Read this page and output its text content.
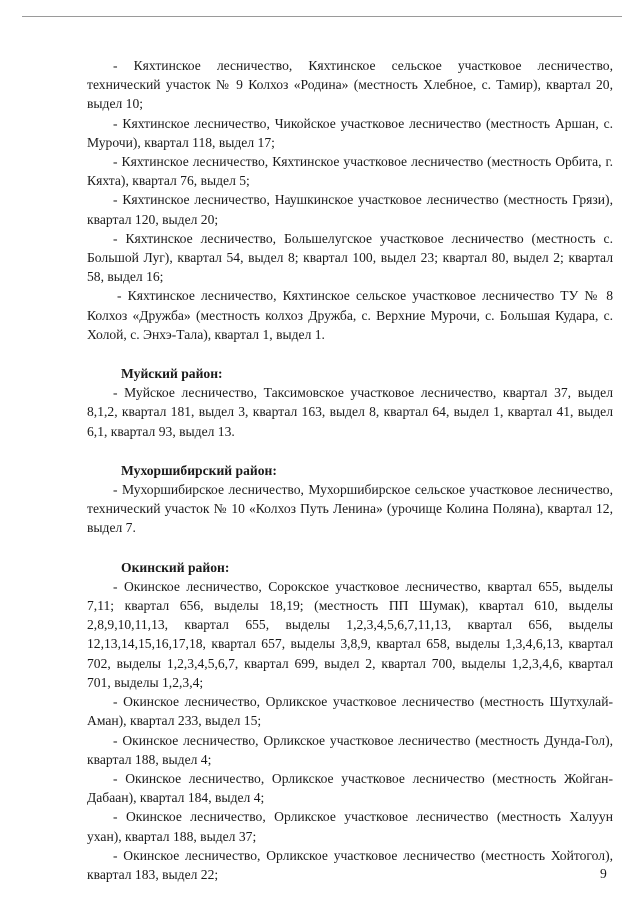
- Кяхтинское лесничество, Кяхтинское сельское участковое лесничество, технический участок № 9 Колхоз «Родина» (местность Хлебное, с. Тамир), квартал 20, выдел 10;

- Кяхтинское лесничество, Чикойское участковое лесничество (местность Аршан, с. Мурочи), квартал 118, выдел 17;

- Кяхтинское лесничество, Кяхтинское участковое лесничество (местность Орбита, г. Кяхта), квартал 76, выдел 5;

- Кяхтинское лесничество, Наушкинское участковое лесничество (местность Грязи), квартал 120, выдел 20;

- Кяхтинское лесничество, Большелугское участковое лесничество (местность с. Большой Луг), квартал 54, выдел 8; квартал 100, выдел 23; квартал 80, выдел 2; квартал 58, выдел 16;

- Кяхтинское лесничество, Кяхтинское сельское участковое лесничество ТУ № 8 Колхоз «Дружба» (местность колхоз Дружба, с. Верхние Мурочи, с. Большая Кудара, с. Холой, с. Энхэ-Тала), квартал 1, выдел 1.

Муйский район:

- Муйское лесничество, Таксимовское участковое лесничество, квартал 37, выдел 8,1,2, квартал 181, выдел 3, квартал 163, выдел 8, квартал 64, выдел 1, квартал 41, выдел 6,1, квартал 93, выдел 13.

Мухоршибирский район:

- Мухоршибирское лесничество, Мухоршибирское сельское участковое лесничество, технический участок № 10 «Колхоз Путь Ленина» (урочище Колина Поляна), квартал 12, выдел 7.

Окинский район:

- Окинское лесничество, Сорокское участковое лесничество, квартал 655, выделы 7,11; квартал 656, выделы 18,19; (местность ПП Шумак), квартал 610, выделы 2,8,9,10,11,13, квартал 655, выделы 1,2,3,4,5,6,7,11,13, квартал 656, выделы 12,13,14,15,16,17,18, квартал 657, выделы 3,8,9, квартал 658, выделы 1,3,4,6,13, квартал 702, выделы 1,2,3,4,5,6,7, квартал 699, выдел 2, квартал 700, выделы 1,2,3,4,6, квартал 701, выделы 1,2,3,4;

- Окинское лесничество, Орликское участковое лесничество (местность Шутхулай-Аман), квартал 233, выдел 15;

- Окинское лесничество, Орликское участковое лесничество (местность Дунда-Гол), квартал 188, выдел 4;

- Окинское лесничество, Орликское участковое лесничество (местность Жойган-Дабаан), квартал 184, выдел 4;

- Окинское лесничество, Орликское участковое лесничество (местность Халуун ухан), квартал 188, выдел 37;

- Окинское лесничество, Орликское участковое лесничество (местность Хойтогол), квартал 183, выдел 22;	9
